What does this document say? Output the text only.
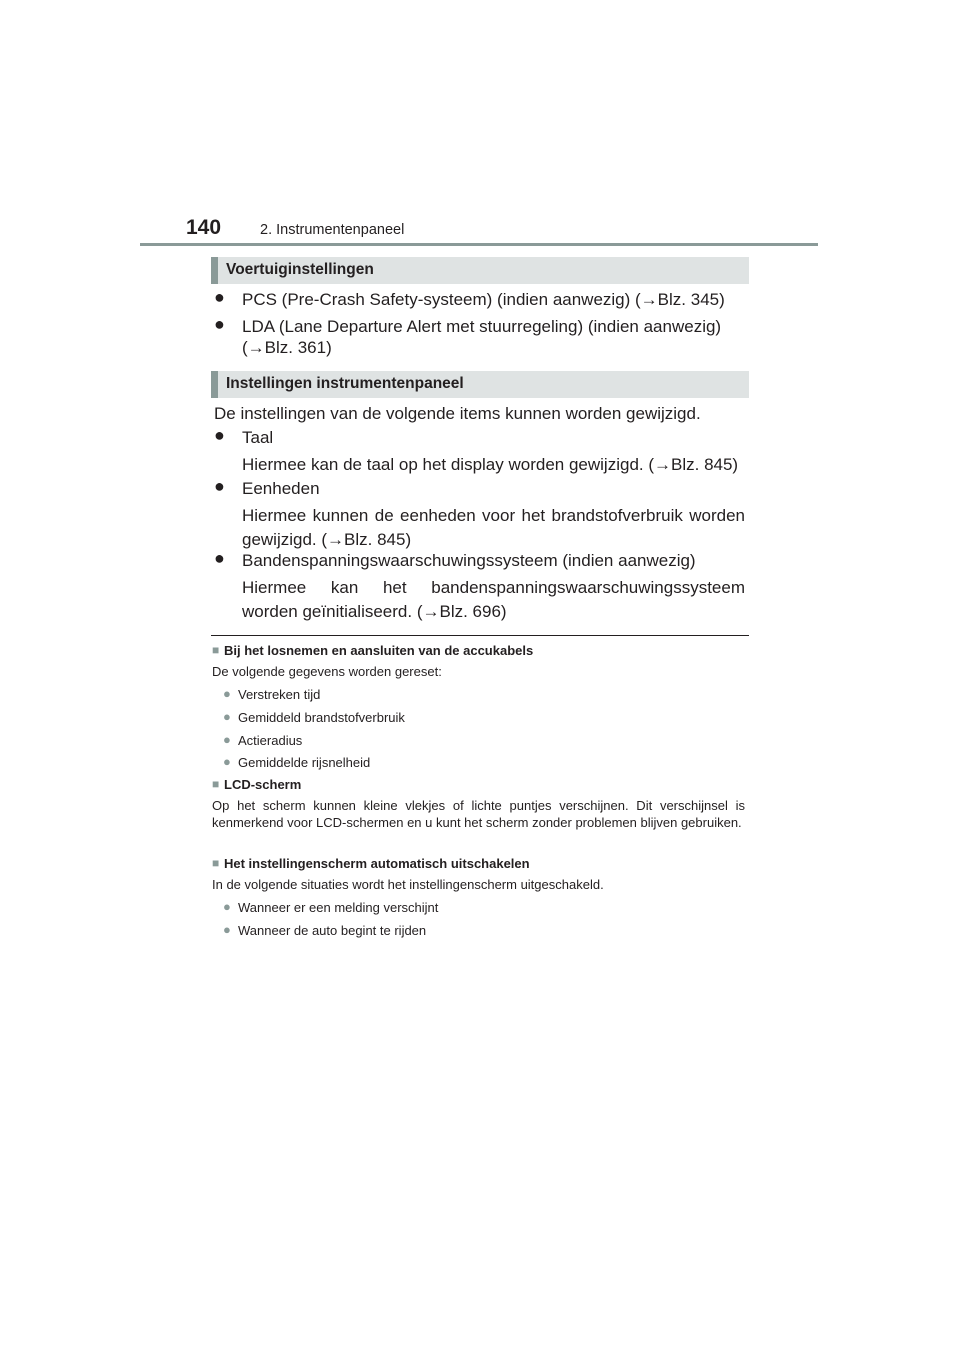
140	2. Instrumentenpaneel
Voertuiginstellingen
● PCS (Pre-Crash Safety-systeem) (indien aanwezig) (→Blz. 345)
● LDA (Lane Departure Alert met stuurregeling) (indien aanwezig)
(→Blz. 361)
Instellingen instrumentenpaneel
De instellingen van de volgende items kunnen worden gewijzigd.
● Taal
Hiermee kan de taal op het display worden gewijzigd. (→Blz. 845)
● Eenheden
Hiermee kunnen de eenheden voor het brandstofverbruik worden gewijzigd. (→Blz. 845)
● Bandenspanningswaarschuwingssysteem (indien aanwezig)
Hiermee kan het bandenspanningswaarschuwingssysteem worden geïnitialiseerd. (→Blz. 696)
■ Bij het losnemen en aansluiten van de accukabels
De volgende gegevens worden gereset:
● Verstreken tijd
● Gemiddeld brandstofverbruik
● Actieradius
● Gemiddelde rijsnelheid
■ LCD-scherm
Op het scherm kunnen kleine vlekjes of lichte puntjes verschijnen. Dit verschijnsel is kenmerkend voor LCD-schermen en u kunt het scherm zonder problemen blijven gebruiken.
■ Het instellingenscherm automatisch uitschakelen
In de volgende situaties wordt het instellingenscherm uitgeschakeld.
● Wanneer er een melding verschijnt
● Wanneer de auto begint te rijden
